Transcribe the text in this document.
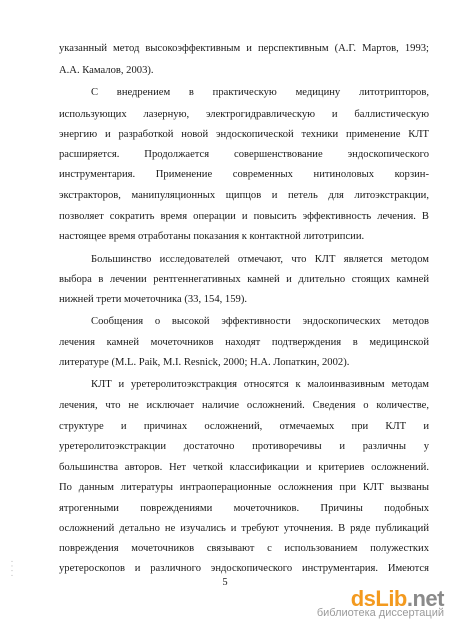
указанный метод высокоэффективным и перспективным (А.Г. Мартов, 1993;
А.А. Камалов, 2003).
С внедрением в практическую медицину литотрипторов,
использующих лазерную, электрогидравлическую и баллистическую
энергию и разработкой новой эндоскопической техники применение КЛТ
расширяется. Продолжается совершенствование эндоскопического
инструментария. Применение современных нитиноловых корзин-
экстракторов, манипуляционных щипцов и петель для литоэкстракции,
позволяет сократить время операции и повысить эффективность лечения. В
настоящее время отработаны показания к контактной литотрипсии.
Большинство исследователей отмечают, что КЛТ является методом
выбора в лечении рентгеннегативных камней и длительно стоящих камней
нижней трети мочеточника (33, 154, 159).
Сообщения о высокой эффективности эндоскопических методов
лечения камней мочеточников находят подтверждения в медицинской
литературе (M.L. Paik, M.I. Resnick, 2000; Н.А. Лопаткин, 2002).
КЛТ и уретеролитоэкстракция относятся к малоинвазивным методам
лечения, что не исключает наличие осложнений. Сведения о количестве,
структуре и причинах осложнений, отмечаемых при КЛТ и
уретеролитоэкстракции достаточно противоречивы и различны у
большинства авторов. Нет четкой классификации и критериев осложнений.
По данным литературы интраоперационные осложнения при КЛТ вызваны
ятрогенными повреждениями мочеточников. Причины подобных
осложнений детально не изучались и требуют уточнения. В ряде публикаций
повреждения мочеточников связывают с использованием полужестких
уретероскопов и различного эндоскопического инструментария. Имеются
5
· · · ·
dsLib.net
библиотека диссертаций
